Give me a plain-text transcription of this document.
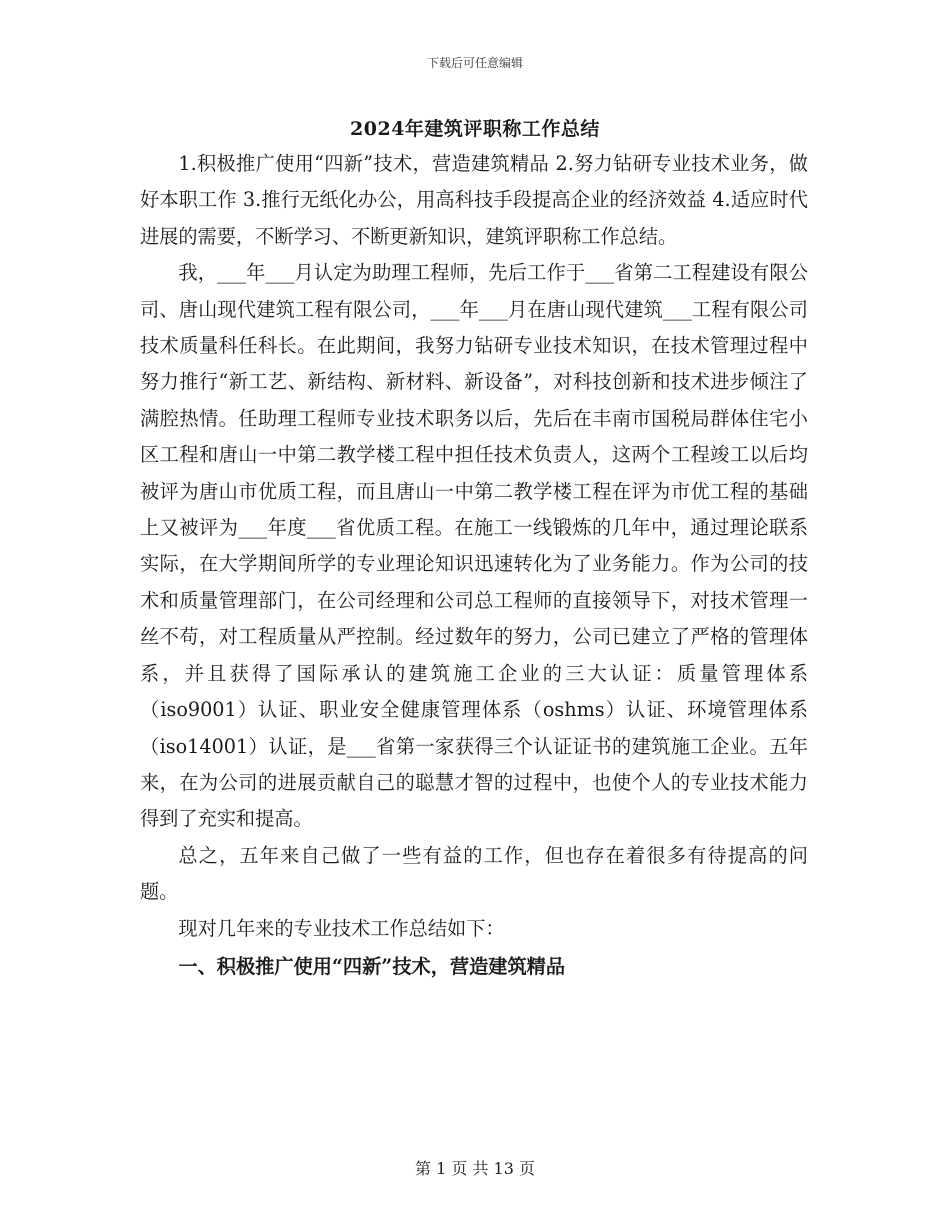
下载后可任意编辑
2024年建筑评职称工作总结

1.积极推广使用“四新”技术，营造建筑精品 2.努力钻研专业技术业务，做好本职工作 3.推行无纸化办公，用高科技手段提高企业的经济效益 4.适应时代进展的需要，不断学习、不断更新知识，建筑评职称工作总结。

我，___年___月认定为助理工程师，先后工作于___省第二工程建设有限公司、唐山现代建筑工程有限公司，___年___月在唐山现代建筑___工程有限公司技术质量科任科长。在此期间，我努力钻研专业技术知识，在技术管理过程中努力推行“新工艺、新结构、新材料、新设备”，对科技创新和技术进步倾注了满腔热情。任助理工程师专业技术职务以后，先后在丰南市国税局群体住宅小区工程和唐山一中第二教学楼工程中担任技术负责人，这两个工程竣工以后均被评为唐山市优质工程，而且唐山一中第二教学楼工程在评为市优工程的基础上又被评为___年度___省优质工程。在施工一线锻炼的几年中，通过理论联系实际，在大学期间所学的专业理论知识迅速转化为了业务能力。作为公司的技术和质量管理部门，在公司经理和公司总工程师的直接领导下，对技术管理一丝不苟，对工程质量从严控制。经过数年的努力，公司已建立了严格的管理体系，并且获得了国际承认的建筑施工企业的三大认证：质量管理体系（iso9001）认证、职业安全健康管理体系（oshms）认证、环境管理体系（iso14001）认证，是___省第一家获得三个认证证书的建筑施工企业。五年来，在为公司的进展贡献自己的聪慧才智的过程中，也使个人的专业技术能力得到了充实和提高。

总之，五年来自己做了一些有益的工作，但也存在着很多有待提高的问题。

现对几年来的专业技术工作总结如下：

一、积极推广使用“四新”技术，营造建筑精品

第 1 页 共 13 页
